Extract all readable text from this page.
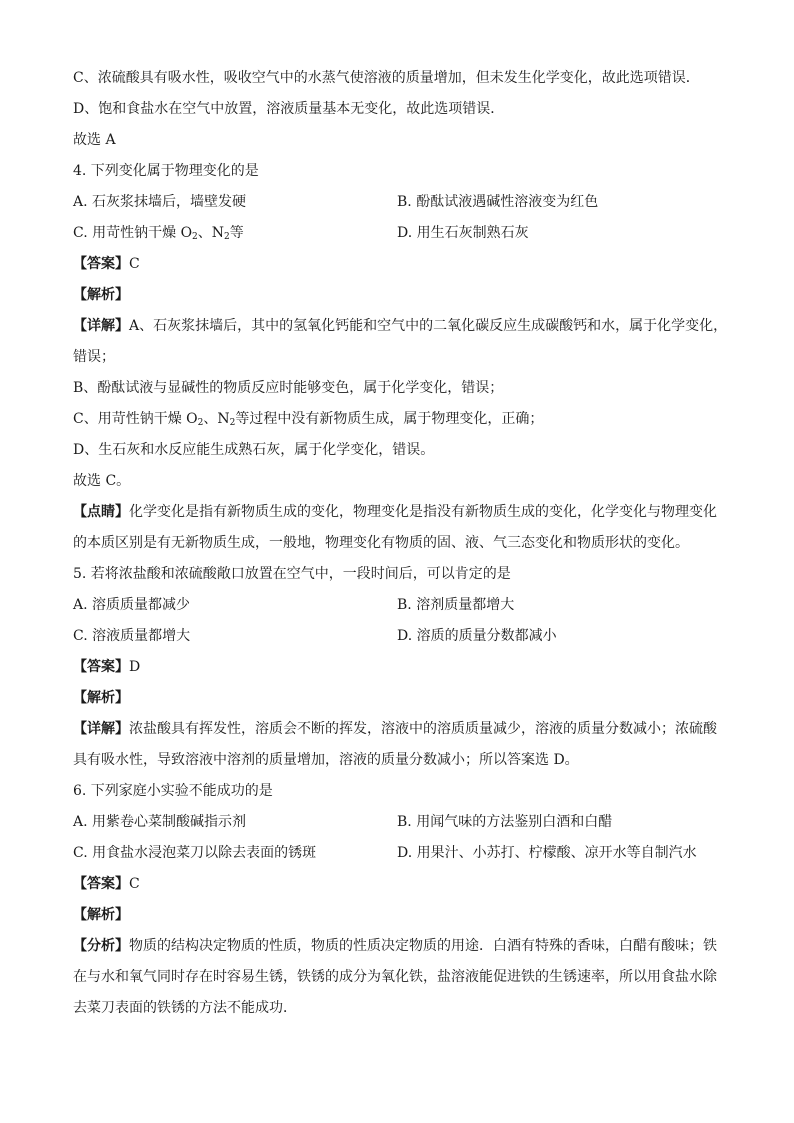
C、浓硫酸具有吸水性，吸收空气中的水蒸气使溶液的质量增加，但未发生化学变化，故此选项错误．
D、饱和食盐水在空气中放置，溶液质量基本无变化，故此选项错误．
故选 A
4. 下列变化属于物理变化的是
A. 石灰浆抹墙后，墙壁发硬	B. 酚酞试液遇碱性溶液变为红色
C. 用苛性钠干燥 $O_2$、$N_2$等	D. 用生石灰制熟石灰
【答案】C
【解析】
【详解】A、石灰浆抹墙后，其中的氢氧化钙能和空气中的二氧化碳反应生成碳酸钙和水，属于化学变化，
错误；
B、酚酞试液与显碱性的物质反应时能够变色，属于化学变化，错误；
C、用苛性钠干燥 $O_2$、$N_2$等过程中没有新物质生成，属于物理变化，正确；
D、生石灰和水反应能生成熟石灰，属于化学变化，错误。
故选 C。
【点睛】化学变化是指有新物质生成的变化，物理变化是指没有新物质生成的变化，化学变化与物理变化
的本质区别是有无新物质生成，一般地，物理变化有物质的固、液、气三态变化和物质形状的变化。
5. 若将浓盐酸和浓硫酸敞口放置在空气中，一段时间后，可以肯定的是
A. 溶质质量都减少	B. 溶剂质量都增大
C. 溶液质量都增大	D. 溶质的质量分数都减小
【答案】D
【解析】
【详解】浓盐酸具有挥发性，溶质会不断的挥发，溶液中的溶质质量减少，溶液的质量分数减小；浓硫酸
具有吸水性，导致溶液中溶剂的质量增加，溶液的质量分数减小；所以答案选 D。
6. 下列家庭小实验不能成功的是
A. 用紫卷心菜制酸碱指示剂	B. 用闻气味的方法鉴别白酒和白醋
C. 用食盐水浸泡菜刀以除去表面的锈斑	D. 用果汁、小苏打、柠檬酸、凉开水等自制汽水
【答案】C
【解析】
【分析】物质的结构决定物质的性质，物质的性质决定物质的用途．白酒有特殊的香味，白醋有酸味；铁
在与水和氧气同时存在时容易生锈，铁锈的成分为氧化铁，盐溶液能促进铁的生锈速率，所以用食盐水除
去菜刀表面的铁锈的方法不能成功．
